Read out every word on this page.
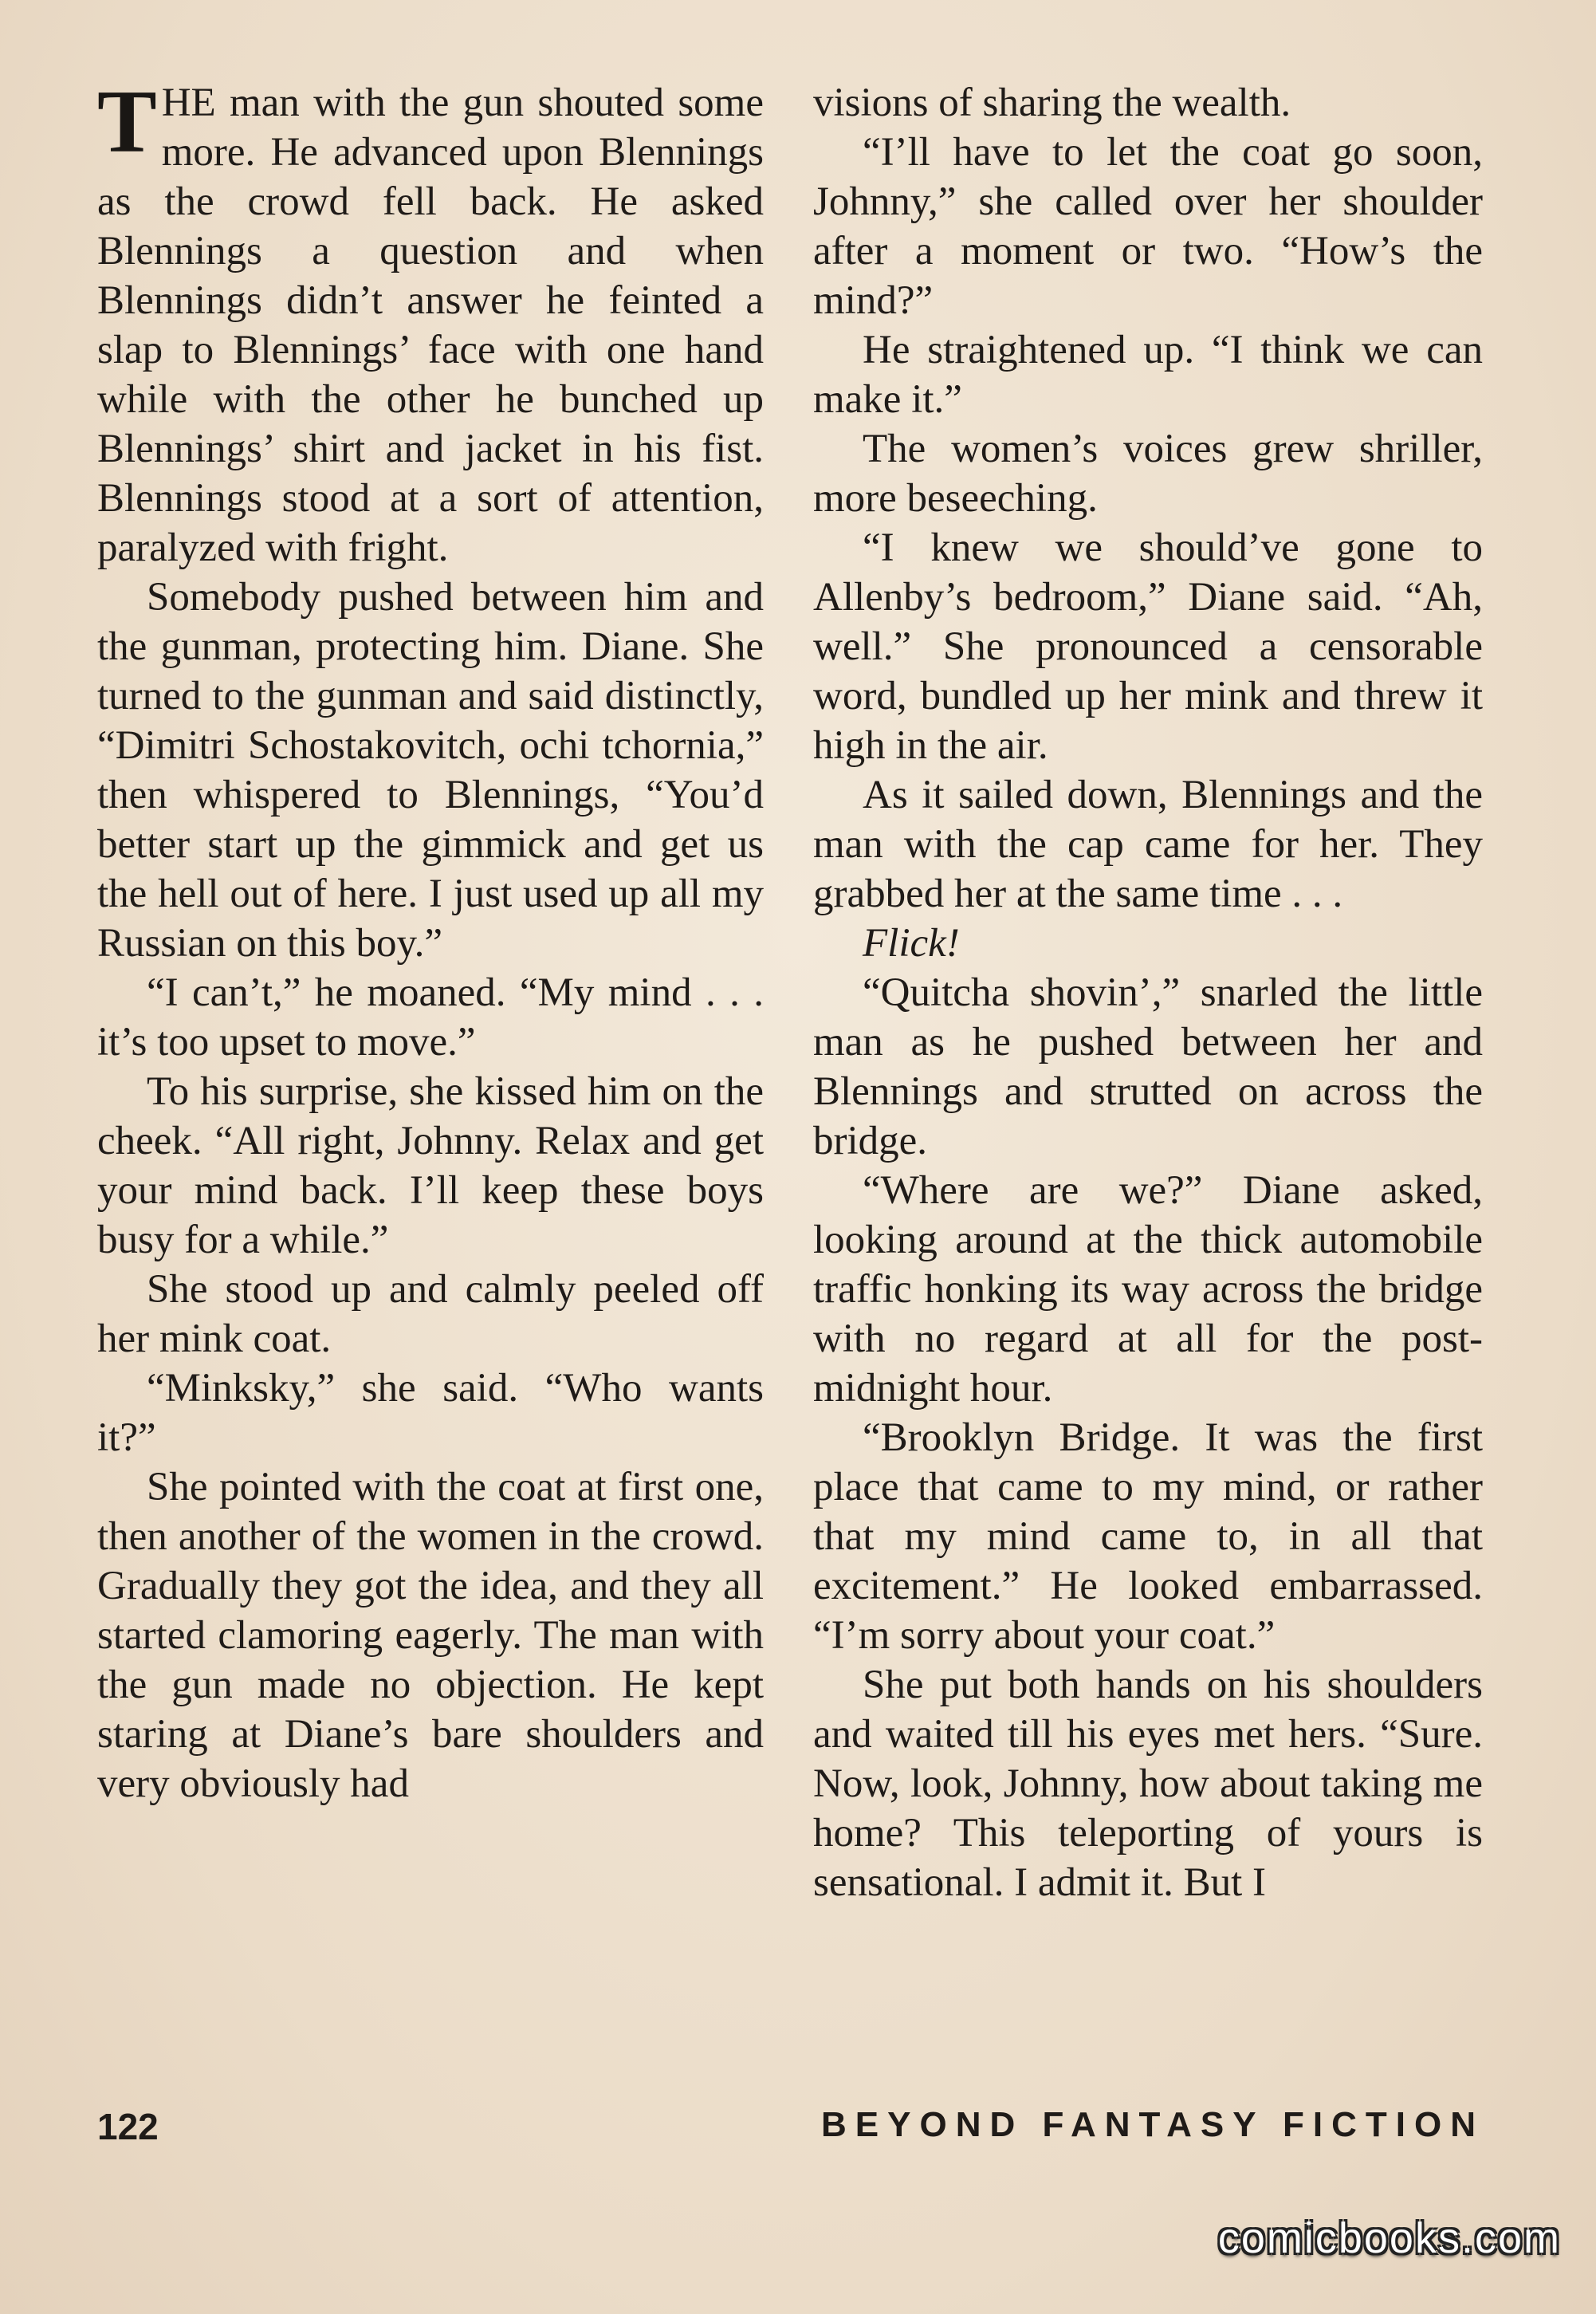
THE man with the gun shouted some more. He advanced upon Blennings as the crowd fell back. He asked Blennings a question and when Blennings didn’t answer he feinted a slap to Blennings’ face with one hand while with the other he bunched up Blennings’ shirt and jacket in his fist. Blennings stood at a sort of attention, paralyzed with fright.

Somebody pushed between him and the gunman, protecting him. Diane. She turned to the gunman and said distinctly, “Dimitri Schostakovitch, ochi tchornia,” then whispered to Blennings, “You’d better start up the gimmick and get us the hell out of here. I just used up all my Russian on this boy.”

“I can’t,” he moaned. “My mind . . . it’s too upset to move.”

To his surprise, she kissed him on the cheek. “All right, Johnny. Relax and get your mind back. I’ll keep these boys busy for a while.”

She stood up and calmly peeled off her mink coat.

“Minksky,” she said. “Who wants it?”

She pointed with the coat at first one, then another of the women in the crowd. Gradually they got the idea, and they all started clamoring eagerly. The man with the gun made no objection. He kept staring at Diane’s bare shoulders and very obviously had

visions of sharing the wealth.

“I’ll have to let the coat go soon, Johnny,” she called over her shoulder after a moment or two. “How’s the mind?”

He straightened up. “I think we can make it.”

The women’s voices grew shriller, more beseeching.

“I knew we should’ve gone to Allenby’s bedroom,” Diane said. “Ah, well.” She pronounced a censorable word, bundled up her mink and threw it high in the air.

As it sailed down, Blennings and the man with the cap came for her. They grabbed her at the same time . . .

Flick!

“Quitcha shovin’,” snarled the little man as he pushed between her and Blennings and strutted on across the bridge.

“Where are we?” Diane asked, looking around at the thick automobile traffic honking its way across the bridge with no regard at all for the post-midnight hour.

“Brooklyn Bridge. It was the first place that came to my mind, or rather that my mind came to, in all that excitement.” He looked embarrassed. “I’m sorry about your coat.”

She put both hands on his shoulders and waited till his eyes met hers. “Sure. Now, look, Johnny, how about taking me home? This teleporting of yours is sensational. I admit it. But I

122	BEYOND FANTASY FICTION
comicbooks.com
